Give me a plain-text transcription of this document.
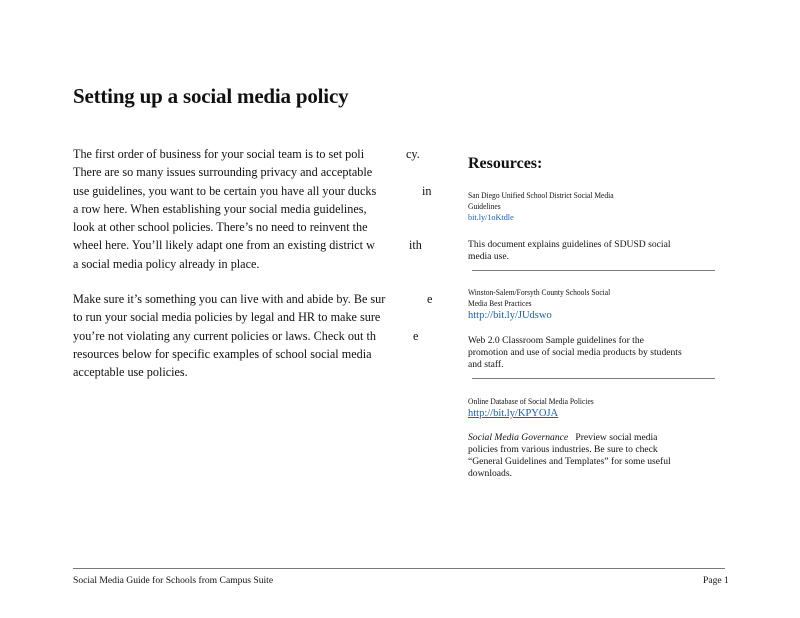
Setting up a social media policy
The first order of business for your social team is to set poli	cy.
There are so many issues surrounding privacy and acceptable
use guidelines, you want to be certain you have all your ducks	in
a row here. When establishing your social media guidelines,
look at other school policies. There’s no need to reinvent the
wheel here. You’ll likely adapt one from an existing district w	ith
a social media policy already in place.
Make sure it’s something you can live with and abide by. Be sur	e
to run your social media policies by legal and HR to make sure
you’re not violating any current policies or laws. Check out th	e
resources below for specific examples of school social media
acceptable use policies.
Resources:
San Diego Unified School District Social Media Guidelines
bit.ly/1oKtdle
This document explains guidelines of SDUSD social media use.
Winston-Salem/Forsyth County Schools Social Media Best Practices
http://bit.ly/JUdswo
Web 2.0 Classroom Sample guidelines for the promotion and use of social media products by students and staff.
Online Database of Social Media Policies
http://bit.ly/KPYOJA
Social Media Governance Preview social media policies from various industries. Be sure to check “General Guidelines and Templates” for some useful downloads.
Social Media Guide for Schools from Campus Suite	Page 1
